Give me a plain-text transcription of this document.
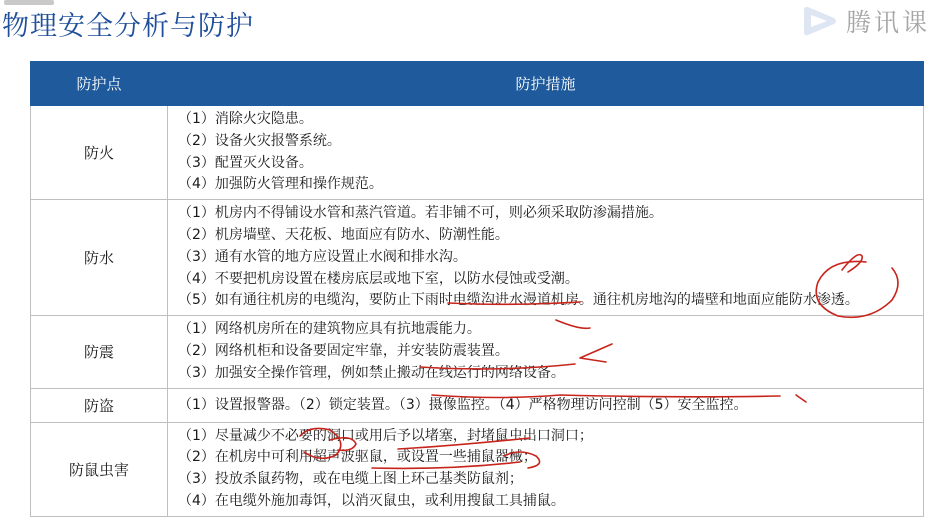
物理安全分析与防护	腾讯课
防护点	防护措施
防火	（1）消除火灾隐患。
（2）设备火灾报警系统。
（3）配置灭火设备。
（4）加强防火管理和操作规范。

防水	（1）机房内不得铺设水管和蒸汽管道。若非铺不可，则必须采取防渗漏措施。
（2）机房墙壁、天花板、地面应有防水、防潮性能。
（3）通有水管的地方应设置止水阀和排水沟。
（4）不要把机房设置在楼房底层或地下室，以防水侵蚀或受潮。
（5）如有通往机房的电缆沟，要防止下雨时电缆沟进水漫道机房。通往机房地沟的墙壁和地面应能防水渗透。

防震	（1）网络机房所在的建筑物应具有抗地震能力。
（2）网络机柜和设备要固定牢靠，并安装防震装置。
（3）加强安全操作管理，例如禁止搬动在线运行的网络设备。

防盗	（1）设置报警器。（2）锁定装置。（3）摄像监控。（4）严格物理访问控制（5）安全监控。

防鼠虫害	（1）尽量减少不必要的洞口或用后予以堵塞，封堵鼠虫出口洞口；
（2）在机房中可利用超声波驱鼠，或设置一些捕鼠器械；
（3）投放杀鼠药物，或在电缆上图上环己基类防鼠剂；
（4）在电缆外施加毒饵，以消灭鼠虫，或利用搜鼠工具捕鼠。
